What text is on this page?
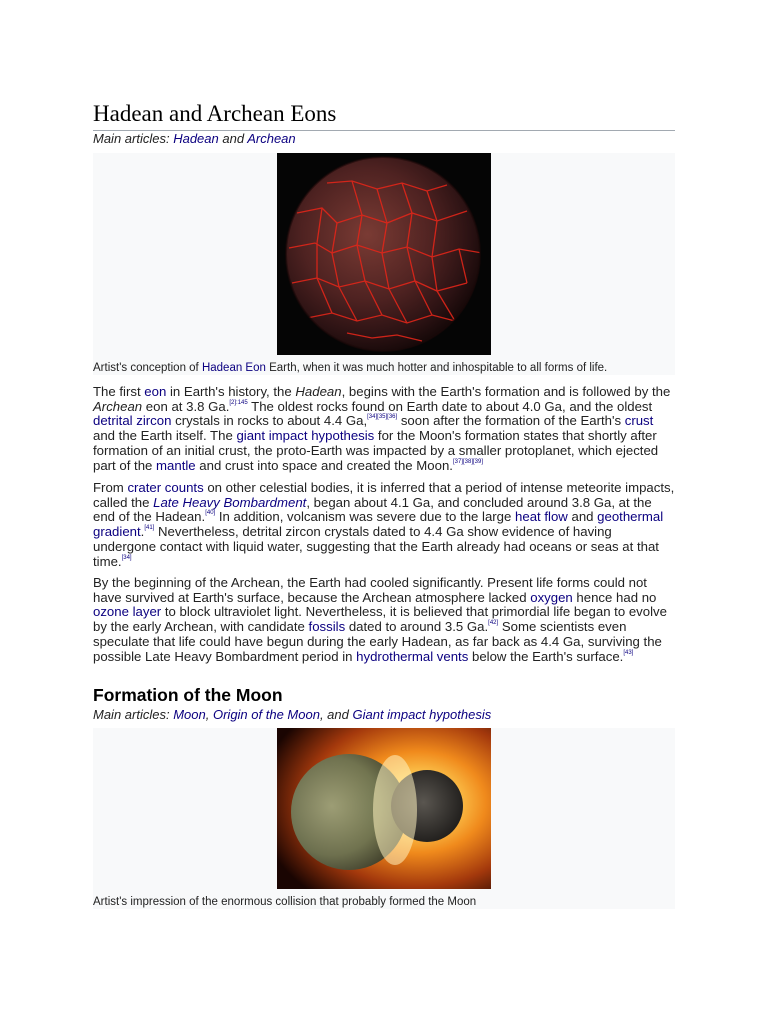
Hadean and Archean Eons
Main articles: Hadean and Archean
Artist's conception of Hadean Eon Earth, when it was much hotter and inhospitable to all forms of life.

The first eon in Earth's history, the Hadean, begins with the Earth's formation and is followed by the Archean eon at 3.8 Ga.$^{[2]:145}$ The oldest rocks found on Earth date to about 4.0 Ga, and the oldest detrital zircon crystals in rocks to about 4.4 Ga,[34][35][36] soon after the formation of the Earth's crust and the Earth itself. The giant impact hypothesis for the Moon's formation states that shortly after formation of an initial crust, the proto-Earth was impacted by a smaller protoplanet, which ejected part of the mantle and crust into space and created the Moon.[37][38][39]

From crater counts on other celestial bodies, it is inferred that a period of intense meteorite impacts, called the Late Heavy Bombardment, began about 4.1 Ga, and concluded around 3.8 Ga, at the end of the Hadean.[40] In addition, volcanism was severe due to the large heat flow and geothermal gradient.[41] Nevertheless, detrital zircon crystals dated to 4.4 Ga show evidence of having undergone contact with liquid water, suggesting that the Earth already had oceans or seas at that time.[34]

By the beginning of the Archean, the Earth had cooled significantly. Present life forms could not have survived at Earth's surface, because the Archean atmosphere lacked oxygen hence had no ozone layer to block ultraviolet light. Nevertheless, it is believed that primordial life began to evolve by the early Archean, with candidate fossils dated to around 3.5 Ga.[42] Some scientists even speculate that life could have begun during the early Hadean, as far back as 4.4 Ga, surviving the possible Late Heavy Bombardment period in hydrothermal vents below the Earth's surface.[43]

Formation of the Moon
Main articles: Moon, Origin of the Moon, and Giant impact hypothesis
Artist's impression of the enormous collision that probably formed the Moon
